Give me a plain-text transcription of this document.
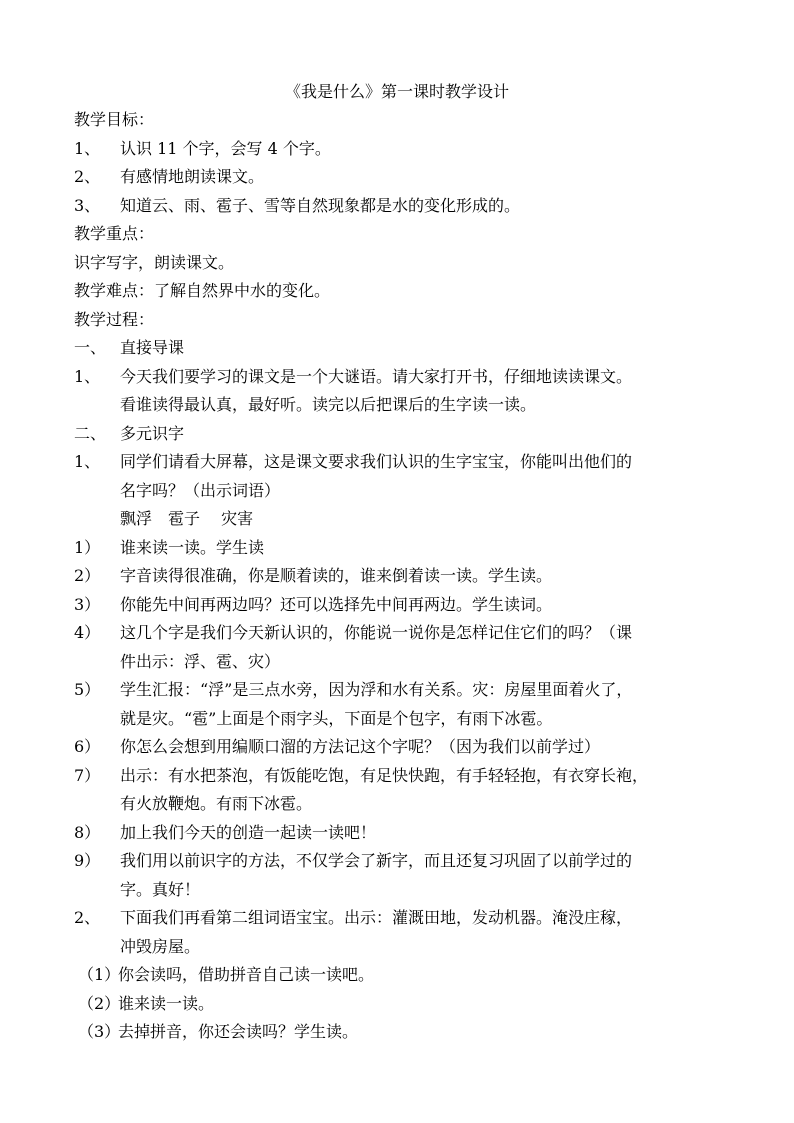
《我是什么》第一课时教学设计
教学目标：
1、	认识 11 个字，会写 4 个字。
2、	有感情地朗读课文。
3、	知道云、雨、雹子、雪等自然现象都是水的变化形成的。
教学重点：
识字写字，朗读课文。
教学难点：了解自然界中水的变化。
教学过程：
一、 直接导课
1、	今天我们要学习的课文是一个大谜语。请大家打开书，仔细地读读课文。
看谁读得最认真，最好听。读完以后把课后的生字读一读。
二、 多元识字
1、	同学们请看大屏幕，这是课文要求我们认识的生字宝宝，你能叫出他们的
名字吗？（出示词语）
飘浮　雹子　 灾害
1）	谁来读一读。学生读
2）	字音读得很准确，你是顺着读的，谁来倒着读一读。学生读。
3）	你能先中间再两边吗？还可以选择先中间再两边。学生读词。
4）	这几个字是我们今天新认识的，你能说一说你是怎样记住它们的吗？（课
件出示：浮、雹、灾）
5）	学生汇报：“浮”是三点水旁，因为浮和水有关系。灾：房屋里面着火了，
就是灾。“雹”上面是个雨字头，下面是个包字，有雨下冰雹。
6）	你怎么会想到用编顺口溜的方法记这个字呢？（因为我们以前学过）
7）	出示：有水把茶泡，有饭能吃饱，有足快快跑，有手轻轻抱，有衣穿长袍，
有火放鞭炮。有雨下冰雹。
8）	加上我们今天的创造一起读一读吧！
9）	我们用以前识字的方法，不仅学会了新字，而且还复习巩固了以前学过的
字。真好！
2、	下面我们再看第二组词语宝宝。出示：灌溉田地，发动机器。淹没庄稼，
冲毁房屋。
（1）
你会读吗，借助拼音自己读一读吧。
（2）
谁来读一读。
（3）
去掉拼音，你还会读吗？学生读。
